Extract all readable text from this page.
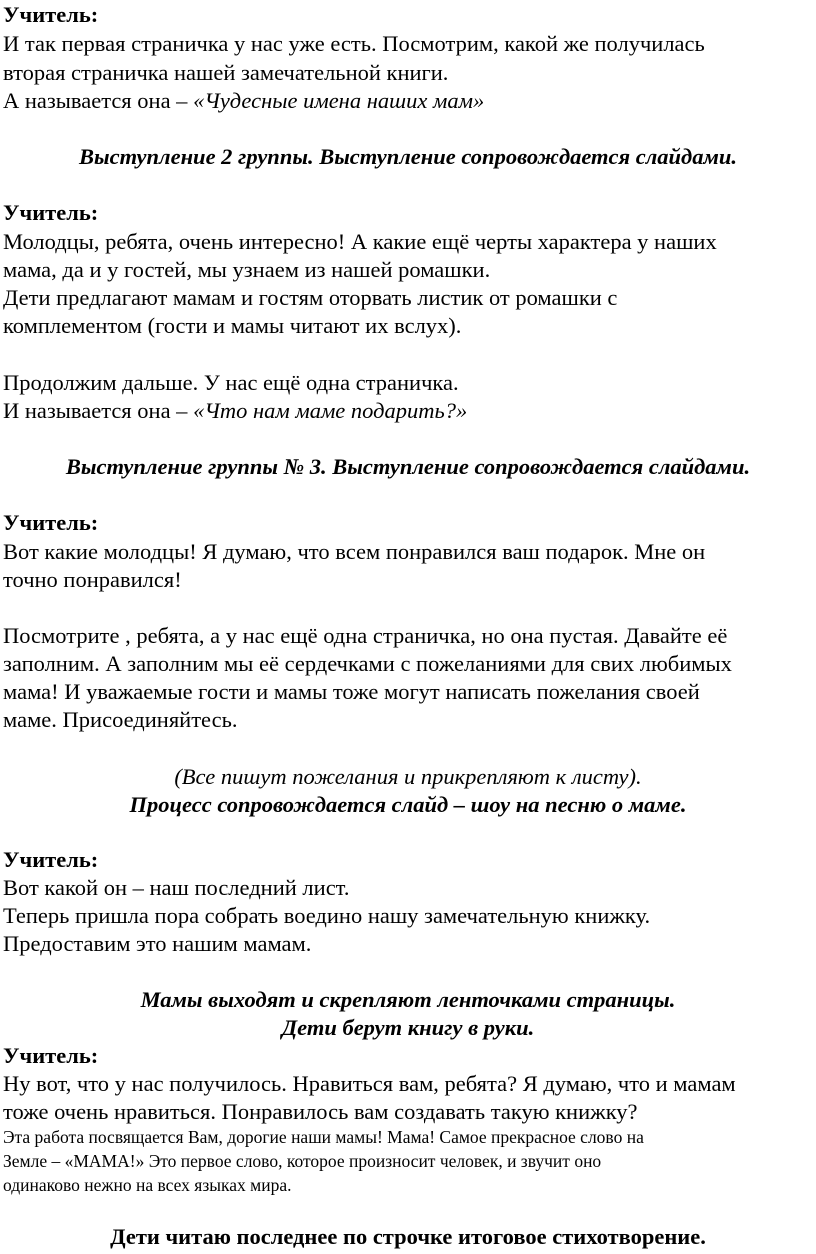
Учитель:
И так первая страничка у нас уже есть. Посмотрим, какой же получилась
вторая страничка нашей замечательной книги.
А называется она – «Чудесные имена наших мам»
Выступление 2 группы. Выступление сопровождается слайдами.
Учитель:
Молодцы, ребята, очень интересно! А какие ещё черты характера у наших
мама, да и у гостей, мы узнаем из нашей ромашки.
Дети предлагают мамам и гостям оторвать листик от ромашки с
комплементом (гости и мамы читают их вслух).
Продолжим дальше. У нас ещё одна страничка.
И называется она – «Что нам маме подарить?»
Выступление группы № 3. Выступление сопровождается слайдами.
Учитель:
Вот какие молодцы! Я думаю, что всем понравился ваш подарок. Мне он
точно понравился!
Посмотрите , ребята, а у нас ещё одна страничка, но она пустая. Давайте её
заполним. А заполним мы её сердечками с пожеланиями для свих любимых
мама! И уважаемые гости и мамы тоже могут написать пожелания своей
маме. Присоединяйтесь.
(Все пишут пожелания и прикрепляют к листу).
Процесс сопровождается слайд – шоу на песню о маме.
Учитель:
Вот какой он – наш последний лист.
Теперь пришла пора собрать воедино нашу замечательную книжку.
Предоставим это нашим мамам.
Мамы выходят и скрепляют ленточками страницы.
Дети берут книгу в руки.
Учитель:
Ну вот, что у нас получилось. Нравиться вам, ребята? Я думаю, что и мамам
тоже очень нравиться. Понравилось вам создавать такую книжку?
Эта работа посвящается Вам, дорогие наши мамы! Мама! Самое прекрасное слово на
Земле – «МАМА!» Это первое слово, которое произносит человек, и звучит оно
одинаково нежно на всех языках мира.
Дети читаю последнее по строчке итоговое стихотворение.
